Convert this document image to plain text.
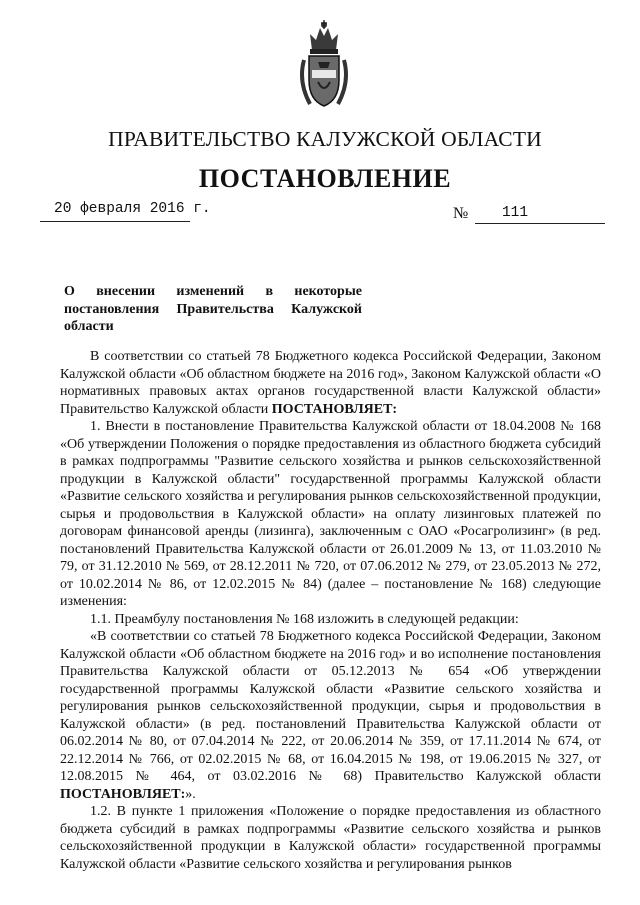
ПРАВИТЕЛЬСТВО КАЛУЖСКОЙ ОБЛАСТИ
ПОСТАНОВЛЕНИЕ
20 февраля 2016 г.	№	111
О внесении изменений в некоторые
постановления Правительства Калужской
области

В соответствии со статьей 78 Бюджетного кодекса Российской Федерации, Законом Калужской области «Об областном бюджете на 2016 год», Законом Калужской области «О нормативных правовых актах органов государственной власти Калужской области» Правительство Калужской области ПОСТАНОВЛЯЕТ:

1. Внести в постановление Правительства Калужской области от 18.04.2008 № 168 «Об утверждении Положения о порядке предоставления из областного бюджета субсидий в рамках подпрограммы "Развитие сельского хозяйства и рынков сельскохозяйственной продукции в Калужской области" государственной программы Калужской области «Развитие сельского хозяйства и регулирования рынков сельскохозяйственной продукции, сырья и продовольствия в Калужской области» на оплату лизинговых платежей по договорам финансовой аренды (лизинга), заключенным с ОАО «Росагролизинг» (в ред. постановлений Правительства Калужской области от 26.01.2009 № 13, от 11.03.2010 № 79, от 31.12.2010 № 569, от 28.12.2011 № 720, от 07.06.2012 № 279, от 23.05.2013 № 272, от 10.02.2014 № 86, от 12.02.2015 № 84) (далее – постановление № 168) следующие изменения:

1.1. Преамбулу постановления № 168 изложить в следующей редакции:

«В соответствии со статьей 78 Бюджетного кодекса Российской Федерации, Законом Калужской области «Об областном бюджете на 2016 год» и во исполнение постановления Правительства Калужской области от 05.12.2013 № 654 «Об утверждении государственной программы Калужской области «Развитие сельского хозяйства и регулирования рынков сельскохозяйственной продукции, сырья и продовольствия в Калужской области» (в ред. постановлений Правительства Калужской области от 06.02.2014 № 80, от 07.04.2014 № 222, от 20.06.2014 № 359, от 17.11.2014 № 674, от 22.12.2014 № 766, от 02.02.2015 № 68, от 16.04.2015 № 198, от 19.06.2015 № 327, от 12.08.2015 № 464, от 03.02.2016 № 68) Правительство Калужской области ПОСТАНОВЛЯЕТ:».

1.2. В пункте 1 приложения «Положение о порядке предоставления из областного бюджета субсидий в рамках подпрограммы «Развитие сельского хозяйства и рынков сельскохозяйственной продукции в Калужской области» государственной программы Калужской области «Развитие сельского хозяйства и регулирования рынков
